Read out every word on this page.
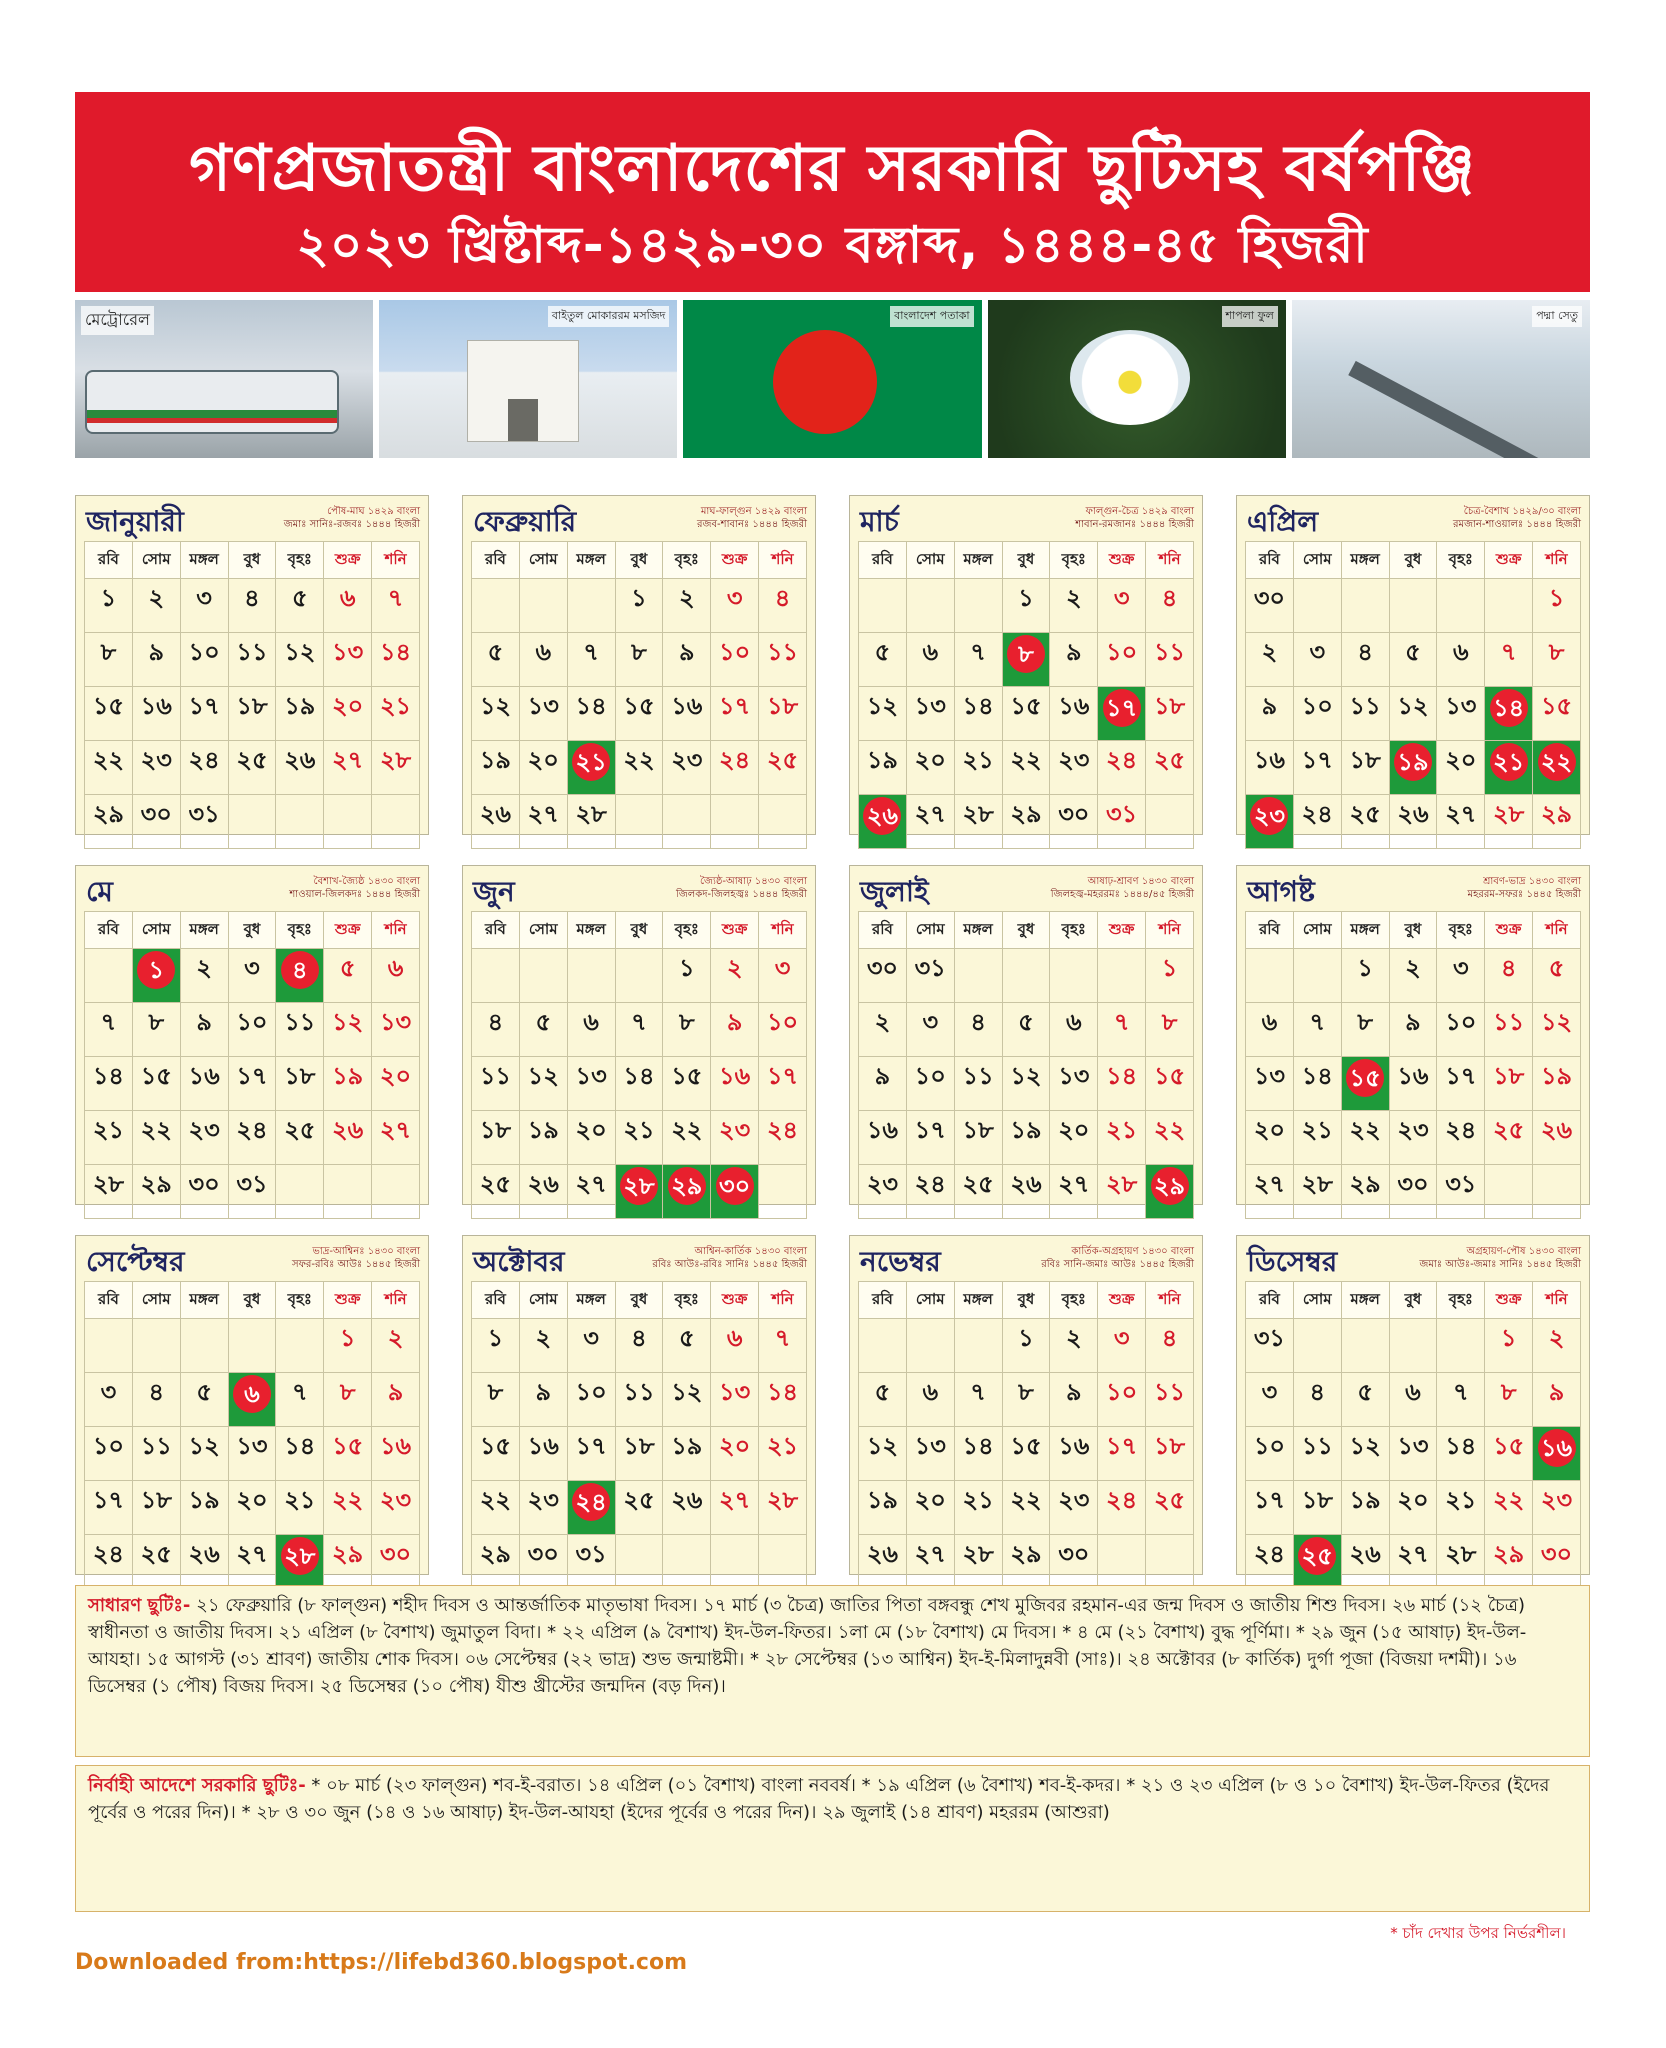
গণপ্রজাতন্ত্রী বাংলাদেশের সরকারি ছুটিসহ বর্ষপঞ্জি
২০২৩ খ্রিষ্টাব্দ-১৪২৯-৩০ বঙ্গাব্দ, ১৪৪৪-৪৫ হিজরী
মেট্রোরেল	বাইতুল মোকাররম মসজিদ	বাংলাদেশ পতাকা	শাপলা ফুল	পদ্মা সেতু
জানুয়ারী	পৌষ-মাঘ ১৪২৯ বাংলা
জমাঃ সানিঃ-রজবঃ ১৪৪৪ হিজরী
রবি	সোম	মঙ্গল	বুধ	বৃহঃ	শুক্র	শনি

১	২	৩	৪	৫	৬	৭

৮	৯	১০	১১	১২	১৩	১৪

১৫	১৬	১৭	১৮	১৯	২০	২১

২২	২৩	২৪	২৫	২৬	২৭	২৮

২৯	৩০	৩১				

ফেব্রুয়ারি	মাঘ-ফাল্গুন ১৪২৯ বাংলা
রজব-শাবানঃ ১৪৪৪ হিজরী
রবি	সোম	মঙ্গল	বুধ	বৃহঃ	শুক্র	শনি

			১	২	৩	৪

৫	৬	৭	৮	৯	১০	১১

১২	১৩	১৪	১৫	১৬	১৭	১৮

১৯	২০	২১	২২	২৩	২৪	২৫

২৬	২৭	২৮				

মার্চ	ফাল্গুন-চৈত্র ১৪২৯ বাংলা
শাবান-রমজানঃ ১৪৪৪ হিজরী
রবি	সোম	মঙ্গল	বুধ	বৃহঃ	শুক্র	শনি

			১	২	৩	৪

৫	৬	৭	৮	৯	১০	১১

১২	১৩	১৪	১৫	১৬	১৭	১৮

১৯	২০	২১	২২	২৩	২৪	২৫

২৬	২৭	২৮	২৯	৩০	৩১	

এপ্রিল	চৈত্র-বৈশাখ ১৪২৯/৩০ বাংলা
রমজান-শাওয়ালঃ ১৪৪৪ হিজরী
রবি	সোম	মঙ্গল	বুধ	বৃহঃ	শুক্র	শনি

৩০						১

২	৩	৪	৫	৬	৭	৮

৯	১০	১১	১২	১৩	১৪	১৫

১৬	১৭	১৮	১৯	২০	২১	২২

২৩	২৪	২৫	২৬	২৭	২৮	২৯
মে	বৈশাখ-জ্যৈষ্ঠ ১৪৩০ বাংলা
শাওয়াল-জিলকদঃ ১৪৪৪ হিজরী
রবি	সোম	মঙ্গল	বুধ	বৃহঃ	শুক্র	শনি
	১	২	৩	৪	৫	৬

৭	৮	৯	১০	১১	১২	১৩

১৪	১৫	১৬	১৭	১৮	১৯	২০

২১	২২	২৩	২৪	২৫	২৬	২৭

২৮	২৯	৩০	৩১			

জুন	জ্যৈষ্ঠ-আষাঢ় ১৪৩০ বাংলা
জিলকদ-জিলহজ্বঃ ১৪৪৪ হিজরী
রবি	সোম	মঙ্গল	বুধ	বৃহঃ	শুক্র	শনি

				১	২	৩

৪	৫	৬	৭	৮	৯	১০

১১	১২	১৩	১৪	১৫	১৬	১৭

১৮	১৯	২০	২১	২২	২৩	২৪

২৫	২৬	২৭	২৮	২৯	৩০

জুলাই	আষাঢ়-শ্রাবণ ১৪৩০ বাংলা
জিলহজ্ব-মহররমঃ ১৪৪৪/৪৫ হিজরী
রবি	সোম	মঙ্গল	বুধ	বৃহঃ	শুক্র	শনি

৩০	৩১					১

২	৩	৪	৫	৬	৭	৮

৯	১০	১১	১২	১৩	১৪	১৫

১৬	১৭	১৮	১৯	২০	২১	২২

২৩	২৪	২৫	২৬	২৭	২৮	২৯
আগষ্ট	শ্রাবণ-ভাদ্র ১৪৩০ বাংলা
মহররম-সফরঃ ১৪৪৫ হিজরী
রবি	সোম	মঙ্গল	বুধ	বৃহঃ	শুক্র	শনি

		১	২	৩	৪	৫

৬	৭	৮	৯	১০	১১	১২

১৩	১৪	১৫	১৬	১৭	১৮	১৯

২০	২১	২২	২৩	২৪	২৫	২৬

২৭	২৮	২৯	৩০	৩১		

সেপ্টেম্বর	ভাদ্র-আশ্বিনঃ ১৪৩০ বাংলা
সফর-রবিঃ আউঃ ১৪৪৫ হিজরী
রবি	সোম	মঙ্গল	বুধ	বৃহঃ	শুক্র	শনি

					১	২

৩	৪	৫	৬	৭	৮	৯

১০	১১	১২	১৩	১৪	১৫	১৬

১৭	১৮	১৯	২০	২১	২২	২৩

২৪	২৫	২৬	২৭	২৮	২৯	৩০
অক্টোবর	আশ্বিন-কার্তিক ১৪৩০ বাংলা
রবিঃ আউঃ-রবিঃ সানিঃ ১৪৪৫ হিজরী
রবি	সোম	মঙ্গল	বুধ	বৃহঃ	শুক্র	শনি

১	২	৩	৪	৫	৬	৭

৮	৯	১০	১১	১২	১৩	১৪

১৫	১৬	১৭	১৮	১৯	২০	২১

২২	২৩	২৪	২৫	২৬	২৭	২৮

২৯	৩০	৩১				

নভেম্বর	কার্তিক-অগ্রহায়ণ ১৪৩০ বাংলা
রবিঃ সানি-জমাঃ আউঃ ১৪৪৫ হিজরী
রবি	সোম	মঙ্গল	বুধ	বৃহঃ	শুক্র	শনি

			১	২	৩	৪

৫	৬	৭	৮	৯	১০	১১

১২	১৩	১৪	১৫	১৬	১৭	১৮

১৯	২০	২১	২২	২৩	২৪	২৫

২৬	২৭	২৮	২৯	৩০		

ডিসেম্বর	অগ্রহায়ণ-পৌষ ১৪৩০ বাংলা
জমাঃ আউঃ-জমাঃ সানিঃ ১৪৪৫ হিজরী
রবি	সোম	মঙ্গল	বুধ	বৃহঃ	শুক্র	শনি

৩১					১	২

৩	৪	৫	৬	৭	৮	৯

১০	১১	১২	১৩	১৪	১৫	১৬

১৭	১৮	১৯	২০	২১	২২	২৩

২৪	২৫	২৬	২৭	২৮	২৯	৩০
সাধারণ ছুটিঃ- ২১ ফেব্রুয়ারি (৮ ফাল্গুন) শহীদ দিবস ও আন্তর্জাতিক মাতৃভাষা দিবস। ১৭ মার্চ (৩ চৈত্র) জাতির পিতা বঙ্গবন্ধু শেখ মুজিবর রহমান-এর জন্ম দিবস ও জাতীয় শিশু দিবস। ২৬ মার্চ (১২ চৈত্র) স্বাধীনতা ও জাতীয় দিবস। ২১ এপ্রিল (৮ বৈশাখ) জুমাতুল বিদা। * ২২ এপ্রিল (৯ বৈশাখ) ইদ-উল-ফিতর। ১লা মে (১৮ বৈশাখ) মে দিবস। * ৪ মে (২১ বৈশাখ) বুদ্ধ পূর্ণিমা। * ২৯ জুন (১৫ আষাঢ়) ইদ-উল-আযহা। ১৫ আগস্ট (৩১ শ্রাবণ) জাতীয় শোক দিবস। ০৬ সেপ্টেম্বর (২২ ভাদ্র) শুভ জন্মাষ্টমী। * ২৮ সেপ্টেম্বর (১৩ আশ্বিন) ইদ-ই-মিলাদুন্নবী (সাঃ)। ২৪ অক্টোবর (৮ কার্তিক) দুর্গা পূজা (বিজয়া দশমী)। ১৬ ডিসেম্বর (১ পৌষ) বিজয় দিবস। ২৫ ডিসেম্বর (১০ পৌষ) যীশু খ্রীস্টের জন্মদিন (বড় দিন)।
নির্বাহী আদেশে সরকারি ছুটিঃ- * ০৮ মার্চ (২৩ ফাল্গুন) শব-ই-বরাত। ১৪ এপ্রিল (০১ বৈশাখ) বাংলা নববর্ষ। * ১৯ এপ্রিল (৬ বৈশাখ) শব-ই-কদর। * ২১ ও ২৩ এপ্রিল (৮ ও ১০ বৈশাখ) ইদ-উল-ফিতর (ইদের পূর্বের ও পরের দিন)। * ২৮ ও ৩০ জুন (১৪ ও ১৬ আষাঢ়) ইদ-উল-আযহা (ইদের পূর্বের ও পরের দিন)। ২৯ জুলাই (১৪ শ্রাবণ) মহররম (আশুরা)
* চাঁদ দেখার উপর নির্ভরশীল।
Downloaded from:https://lifebd360.blogspot.com
